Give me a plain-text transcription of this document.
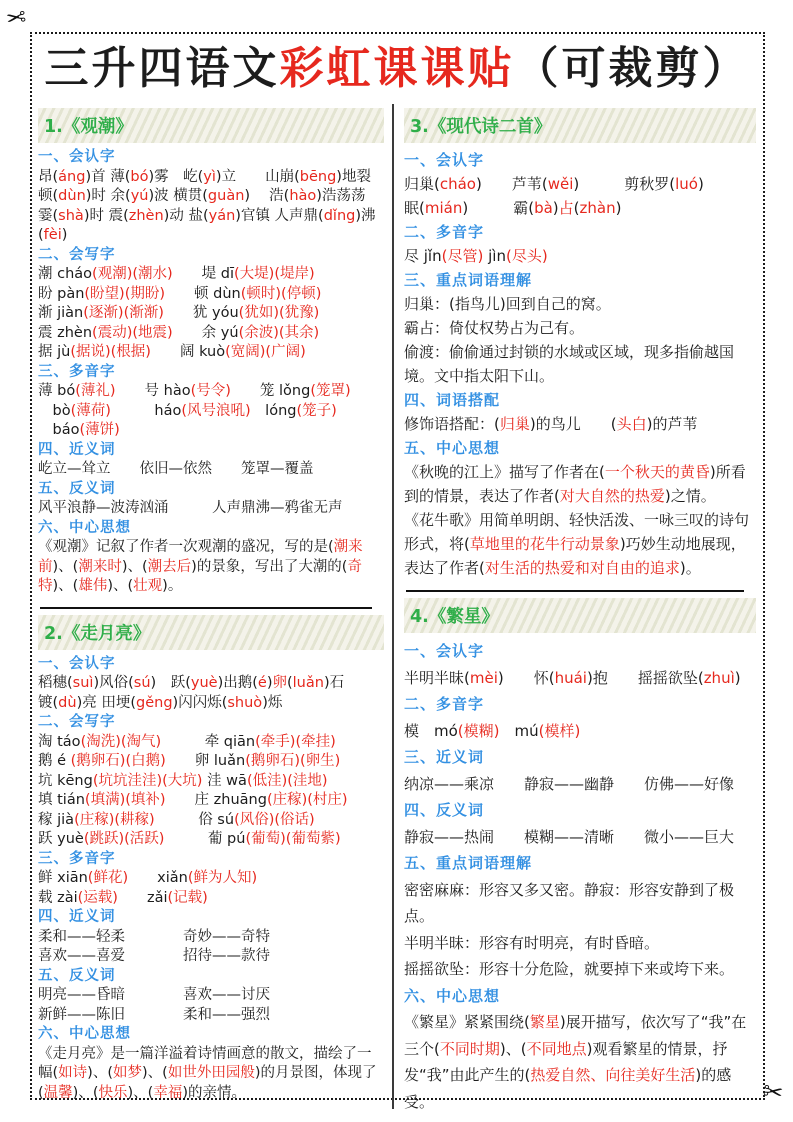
✂
✂
三升四语文彩虹课课贴（可裁剪）
1.《观潮》
一、会认字
昂(áng)首 薄(bó)雾　屹(yì)立　　山崩(bēng)地裂
顿(dùn)时 余(yú)波 横贯(guàn)　 浩(hào)浩荡荡
霎(shà)时 震(zhèn)动 盐(yán)官镇 人声鼎(dǐng)沸(fèi)
二、会写字
潮 cháo(观潮)(潮水)　　堤 dī(大堤)(堤岸)
盼 pàn(盼望)(期盼)　　顿 dùn(顿时)(停顿)
渐 jiàn(逐渐)(渐渐)　　犹 yóu(犹如)(犹豫)
震 zhèn(震动)(地震)　　余 yú(余波)(其余)
据 jù(据说)(根据)　　阔 kuò(宽阔)(广阔)
三、多音字
薄 bó(薄礼)　　号 hào(号令)　　笼 lǒng(笼罩)
　bò(薄荷)　　　háo(风号浪吼)　lóng(笼子)
　báo(薄饼)
四、近义词
屹立—耸立　　依旧—依然　　笼罩—覆盖
五、反义词
风平浪静—波涛汹涌　　　人声鼎沸—鸦雀无声
六、中心思想
《观潮》记叙了作者一次观潮的盛况，写的是(潮来前)、(潮来时)、(潮去后)的景象，写出了大潮的(奇特)、(雄伟)、(壮观)。
2.《走月亮》
一、会认字
稻穗(suì)风俗(sú)　跃(yuè)出鹅(é)卵(luǎn)石
镀(dù)亮 田埂(gěng)闪闪烁(shuò)烁
二、会写字
淘 táo(淘洗)(淘气)　　　牵 qiān(牵手)(牵挂)
鹅 é (鹅卵石)(白鹅)　　卵 luǎn(鹅卵石)(卵生)
坑 kēng(坑坑洼洼)(大坑) 洼 wā(低洼)(洼地)
填 tián(填满)(填补)　　庄 zhuāng(庄稼)(村庄)
稼 jià(庄稼)(耕稼)　　　俗 sú(风俗)(俗话)
跃 yuè(跳跃)(活跃)　　　葡 pú(葡萄)(葡萄紫)
三、多音字
鲜 xiān(鲜花)　　xiǎn(鲜为人知)
载 zài(运载)　　zǎi(记载)
四、近义词
柔和——轻柔　　　　奇妙——奇特
喜欢——喜爱　　　　招待——款待
五、反义词
明亮——昏暗　　　　喜欢——讨厌
新鲜——陈旧　　　　柔和——强烈
六、中心思想
《走月亮》是一篇洋溢着诗情画意的散文，描绘了一幅(如诗)、(如梦)、(如世外田园般)的月景图，体现了(温馨)、(快乐)、(幸福)的亲情。
3.《现代诗二首》
一、会认字
归巢(cháo)　　芦苇(wěi)　　　剪秋罗(luó)
眠(mián)　　　霸(bà)占(zhàn)
二、多音字
尽 jǐn(尽管) jìn(尽头)
三、重点词语理解
归巢：(指鸟儿)回到自己的窝。
霸占：倚仗权势占为己有。
偷渡：偷偷通过封锁的水域或区域，现多指偷越国境。文中指太阳下山。
四、词语搭配
修饰语搭配：(归巢)的鸟儿　　(头白)的芦苇
五、中心思想
《秋晚的江上》描写了作者在(一个秋天的黄昏)所看到的情景，表达了作者(对大自然的热爱)之情。
《花牛歌》用简单明朗、轻快活泼、一咏三叹的诗句形式，将(草地里的花牛行动景象)巧妙生动地展现，表达了作者(对生活的热爱和对自由的追求)。
4.《繁星》
一、会认字
半明半昧(mèi)　　怀(huái)抱　　摇摇欲坠(zhuì)
二、多音字
模　mó(模糊)　mú(模样)
三、近义词
纳凉——乘凉　　静寂——幽静　　仿佛——好像
四、反义词
静寂——热闹　　模糊——清晰　　微小——巨大
五、重点词语理解
密密麻麻：形容又多又密。静寂：形容安静到了极点。
半明半昧：形容有时明亮，有时昏暗。
摇摇欲坠：形容十分危险，就要掉下来或垮下来。
六、中心思想
《繁星》紧紧围绕(繁星)展开描写，依次写了“我”在三个(不同时期)、(不同地点)观看繁星的情景，抒发“我”由此产生的(热爱自然、向往美好生活)的感受。
